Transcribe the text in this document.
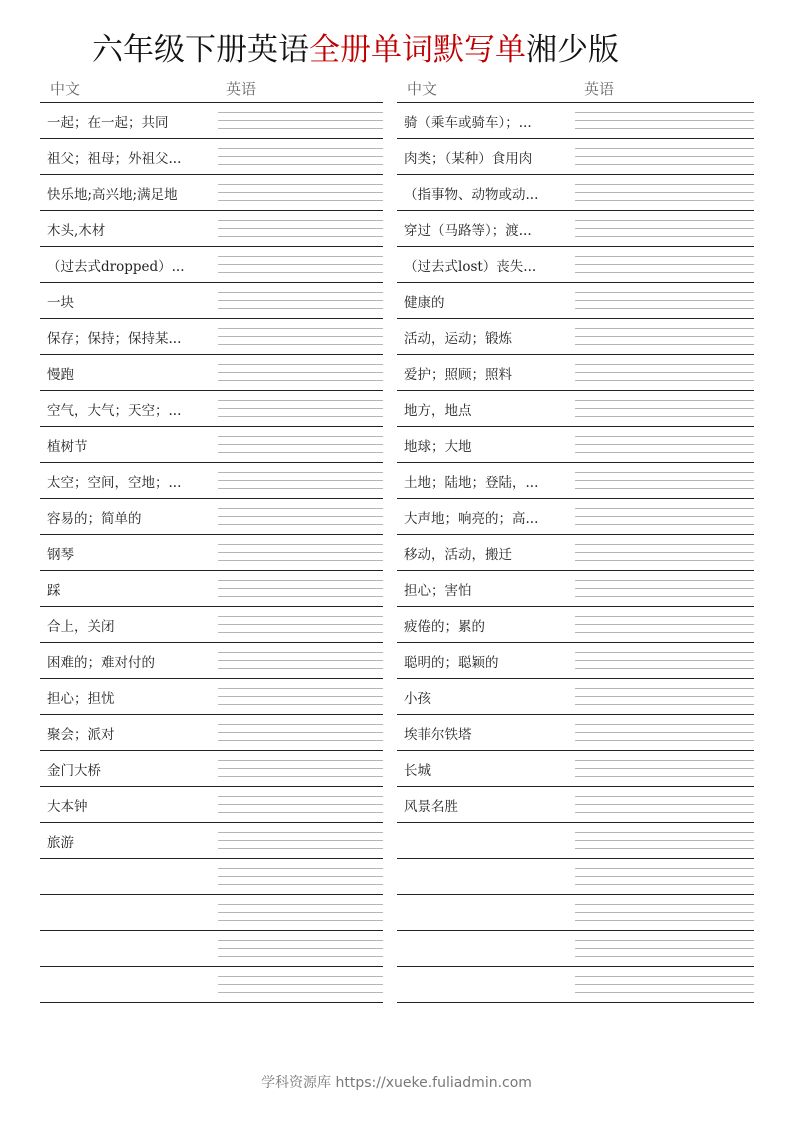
六年级下册英语全册单词默写单湘少版
中文	英语
一起；在一起；共同
祖父；祖母；外祖父...
快乐地;高兴地;满足地
木头,木材
（过去式dropped）...
一块
保存；保持；保持某...
慢跑
空气，大气；天空；...
植树节
太空；空间，空地；...
容易的；简单的
钢琴
踩
合上，关闭
困难的；难对付的
担心；担忧
聚会；派对
金门大桥
大本钟
旅游
中文	英语
骑（乘车或骑车）；...
肉类；（某种）食用肉
（指事物、动物或动...
穿过（马路等）；渡...
（过去式lost）丧失...
健康的
活动，运动；锻炼
爱护；照顾；照料
地方，地点
地球；大地
土地；陆地；登陆，...
大声地；响亮的；高...
移动，活动，搬迁
担心；害怕
疲倦的；累的
聪明的；聪颖的
小孩
埃菲尔铁塔
长城
风景名胜
学科资源库 https://xueke.fuliadmin.com
